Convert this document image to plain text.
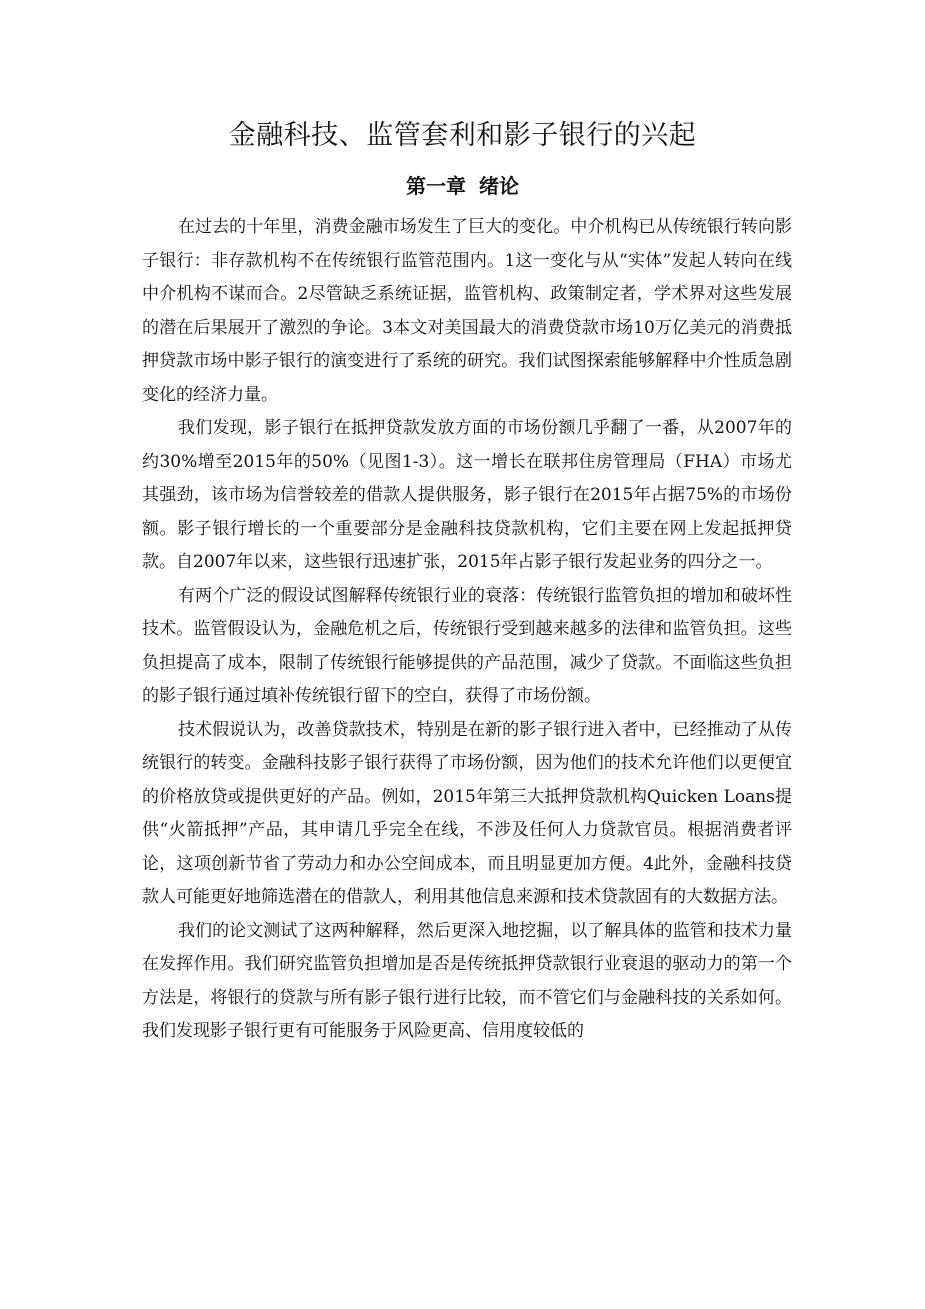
金融科技、监管套利和影子银行的兴起
第一章 绪论

在过去的十年里，消费金融市场发生了巨大的变化。中介机构已从传统银行转向影子银行：非存款机构不在传统银行监管范围内。1这一变化与从“实体”发起人转向在线中介机构不谋而合。2尽管缺乏系统证据，监管机构、政策制定者，学术界对这些发展的潜在后果展开了激烈的争论。3本文对美国最大的消费贷款市场10万亿美元的消费抵押贷款市场中影子银行的演变进行了系统的研究。我们试图探索能够解释中介性质急剧变化的经济力量。

我们发现，影子银行在抵押贷款发放方面的市场份额几乎翻了一番，从2007年的约30%增至2015年的50%（见图1-3）。这一增长在联邦住房管理局（FHA）市场尤其强劲，该市场为信誉较差的借款人提供服务，影子银行在2015年占据75%的市场份额。影子银行增长的一个重要部分是金融科技贷款机构，它们主要在网上发起抵押贷款。自2007年以来，这些银行迅速扩张，2015年占影子银行发起业务的四分之一。

有两个广泛的假设试图解释传统银行业的衰落：传统银行监管负担的增加和破坏性技术。监管假设认为，金融危机之后，传统银行受到越来越多的法律和监管负担。这些负担提高了成本，限制了传统银行能够提供的产品范围，减少了贷款。不面临这些负担的影子银行通过填补传统银行留下的空白，获得了市场份额。

技术假说认为，改善贷款技术，特别是在新的影子银行进入者中，已经推动了从传统银行的转变。金融科技影子银行获得了市场份额，因为他们的技术允许他们以更便宜的价格放贷或提供更好的产品。例如，2015年第三大抵押贷款机构Quicken Loans提供“火箭抵押”产品，其申请几乎完全在线，不涉及任何人力贷款官员。根据消费者评论，这项创新节省了劳动力和办公空间成本，而且明显更加方便。4此外，金融科技贷款人可能更好地筛选潜在的借款人，利用其他信息来源和技术贷款固有的大数据方法。

我们的论文测试了这两种解释，然后更深入地挖掘，以了解具体的监管和技术力量在发挥作用。我们研究监管负担增加是否是传统抵押贷款银行业衰退的驱动力的第一个方法是，将银行的贷款与所有影子银行进行比较，而不管它们与金融科技的关系如何。我们发现影子银行更有可能服务于风险更高、信用度较低的
